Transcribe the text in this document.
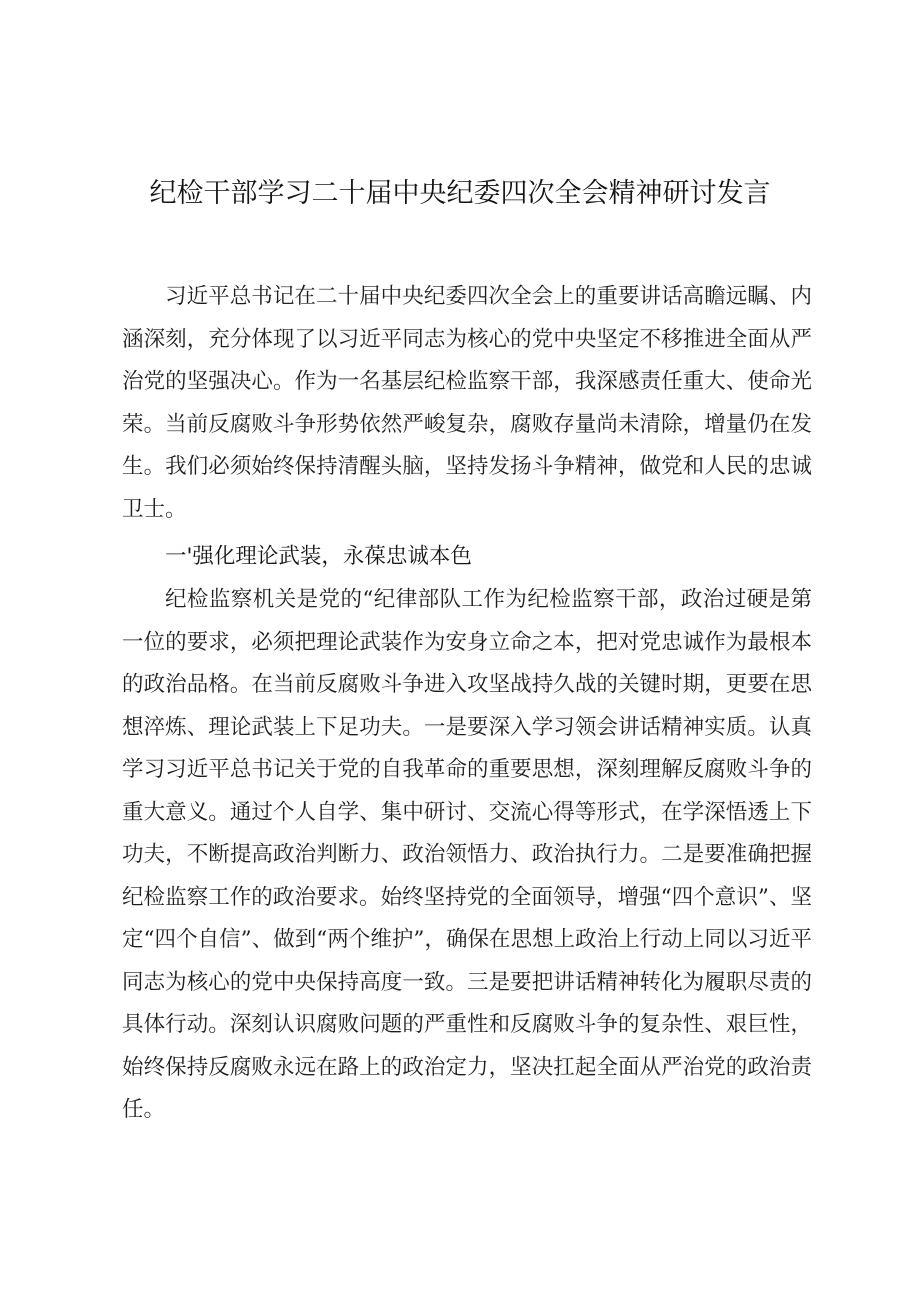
纪检干部学习二十届中央纪委四次全会精神研讨发言

习近平总书记在二十届中央纪委四次全会上的重要讲话高瞻远瞩、内涵深刻，充分体现了以习近平同志为核心的党中央坚定不移推进全面从严治党的坚强决心。作为一名基层纪检监察干部，我深感责任重大、使命光荣。当前反腐败斗争形势依然严峻复杂，腐败存量尚未清除，增量仍在发生。我们必须始终保持清醒头脑，坚持发扬斗争精神，做党和人民的忠诚卫士。

一'强化理论武装，永葆忠诚本色

纪检监察机关是党的“纪律部队工作为纪检监察干部，政治过硬是第一位的要求，必须把理论武装作为安身立命之本，把对党忠诚作为最根本的政治品格。在当前反腐败斗争进入攻坚战持久战的关键时期，更要在思想淬炼、理论武装上下足功夫。一是要深入学习领会讲话精神实质。认真学习习近平总书记关于党的自我革命的重要思想，深刻理解反腐败斗争的重大意义。通过个人自学、集中研讨、交流心得等形式，在学深悟透上下功夫，不断提高政治判断力、政治领悟力、政治执行力。二是要准确把握纪检监察工作的政治要求。始终坚持党的全面领导，增强“四个意识”、坚定“四个自信”、做到“两个维护”，确保在思想上政治上行动上同以习近平同志为核心的党中央保持高度一致。三是要把讲话精神转化为履职尽责的具体行动。深刻认识腐败问题的严重性和反腐败斗争的复杂性、艰巨性，始终保持反腐败永远在路上的政治定力，坚决扛起全面从严治党的政治责任。
